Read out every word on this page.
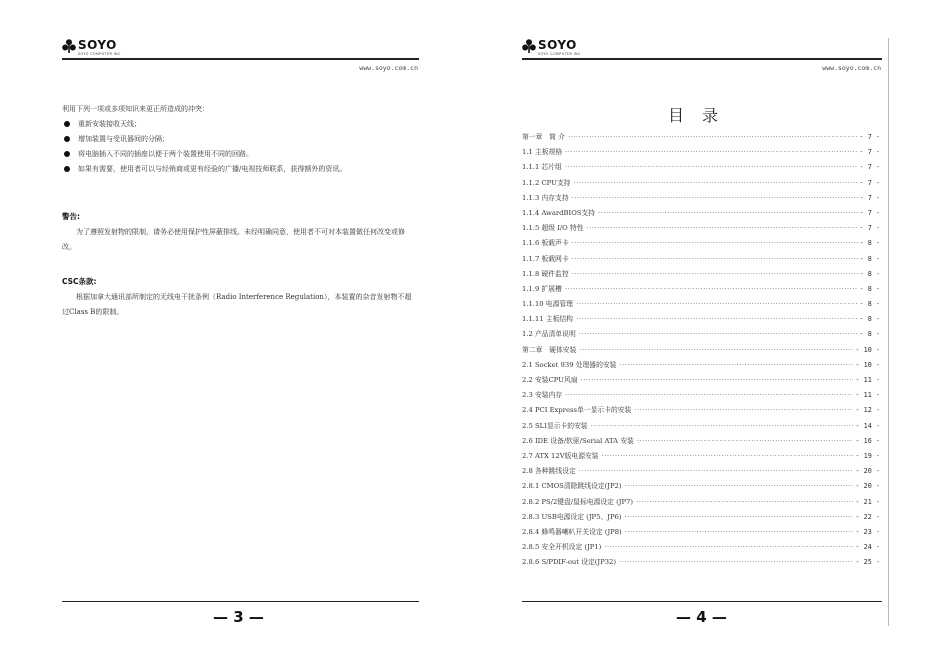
SOYO
SOYO COMPUTER INC
www.soyo.com.cn
利用下列一项或多项知识来更正所造成的冲突：
重新安装接收天线；
增加装置与受讯器间的分隔；
将电脑插入不同的插座以便于两个装置使用不同的回路。
如果有需要，使用者可以与经销商或更有经验的广播/电视技师联系，获得额外的资讯。
警告:
为了遵照发射物的限制，请务必使用保护性屏蔽排线。未经明确同意，使用者不可对本装置做任何改变或修改。
CSC条款:
根据加拿大通讯部所制定的无线电干扰条例（Radio Interference Regulation），本装置的杂音发射物不超过Class B的限制。
— 3 —
SOYO
SOYO COMPUTER INC
www.soyo.com.cn
目录
第一章　简 介 ·····	- 7 -
1.1 主板规格 ·····	- 7 -
1.1.1 芯片组 ·····	- 7 -
1.1.2 CPU支持 ·····	- 7 -
1.1.3 内存支持 ·····	- 7 -
1.1.4 AwardBIOS支持 ·····	- 7 -
1.1.5 超级 I/O 特性 ·····	- 7 -
1.1.6 板载声卡 ·····	- 8 -
1.1.7 板载网卡 ·····	- 8 -
1.1.8 硬件监控 ·····	- 8 -
1.1.9 扩展槽 ·····	- 8 -
1.1.10 电源管理 ·····	- 8 -
1.1.11 主板结构 ·····	- 8 -
1.2 产品清单说明 ·····	- 8 -
第二章　硬体安装 ·····	- 10 -
2.1 Socket 939 处理器的安装 ·····	- 10 -
2.2 安装CPU风扇 ·····	- 11 -
2.3 安装内存 ·····	- 11 -
2.4 PCI Express单一显示卡的安装 ·····	- 12 -
2.5 SLI显示卡的安装 ·····	- 14 -
2.6 IDE 设备/软驱/Serial ATA 安装 ·····	- 16 -
2.7 ATX 12V版电源安装 ·····	- 19 -
2.8 各种跳线设定 ·····	- 20 -
2.8.1 CMOS清除跳线设定(JP2) ·····	- 20 -
2.8.2 PS/2键盘/鼠标电源设定 (JP7) ·····	- 21 -
2.8.3 USB电源设定 (JP5、JP6) ·····	- 22 -
2.8.4 蜂鸣器喇叭开关设定 (JP8) ·····	- 23 -
2.8.5 安全开机设定 (JP1) ·····	- 24 -
2.8.6 S/PDIF-out 设定(JP32) ·····	- 25 -
— 4 —
